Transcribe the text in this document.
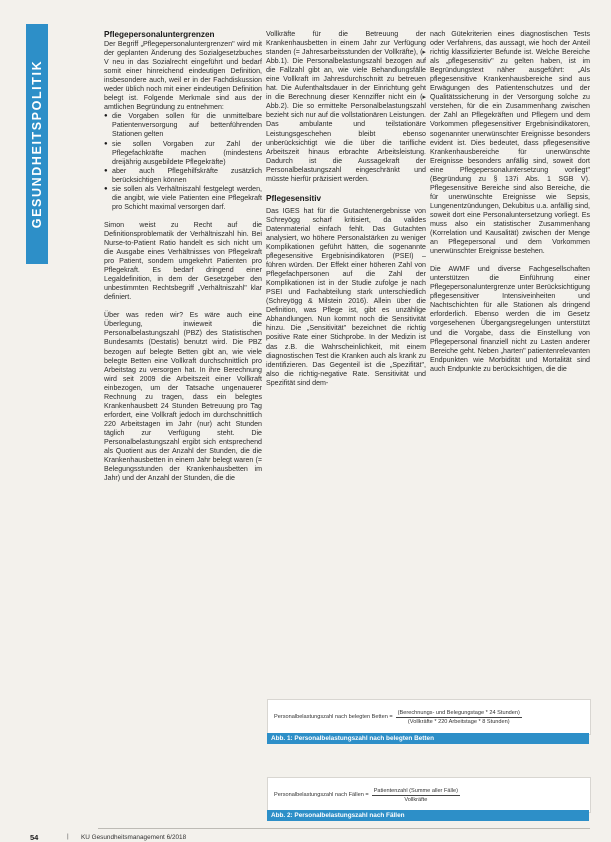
GESUNDHEITSPOLITIK
Pflegepersonaluntergrenzen

Der Begriff „Pflegepersonaluntergrenzen" wird mit der geplanten Änderung des Sozialgesetzbuches V neu in das Sozialrecht eingeführt und bedarf somit einer hinreichend eindeutigen Definition, insbesondere auch, weil er in der Fachdiskussion weder üblich noch mit einer eindeutigen Definition belegt ist. Folgende Merkmale sind aus der amtlichen Begründung zu entnehmen:

● die Vorgaben sollen für die unmittelbare Patientenversorgung auf bettenführenden Stationen gelten
● sie sollen Vorgaben zur Zahl der Pflegefachkräfte machen (mindestens dreijährig ausgebildete Pflegekräfte)
● aber auch Pflegehilfskräfte zusätzlich berücksichtigen können
● sie sollen als Verhältniszahl festgelegt werden, die angibt, wie viele Patienten eine Pflegekraft pro Schicht maximal versorgen darf.

Simon weist zu Recht auf die Definitionsproblematik der Verhältniszahl hin. Bei Nurse-to-Patient Ratio handelt es sich nicht um die Ausgabe eines Verhältnisses von Pflegekraft pro Patient, sondern umgekehrt Patienten pro Pflegekraft. Es bedarf dringend einer Legaldefinition, in dem der Gesetzgeber den unbestimmten Rechtsbegriff „Verhältniszahl" klar definiert.

Über was reden wir? Es wäre auch eine Überlegung, inwieweit die Personalbelastungszahl (PBZ) des Statistischen Bundesamts (Destatis) benutzt wird. Die PBZ bezogen auf belegte Betten gibt an, wie viele belegte Betten eine Vollkraft durchschnittlich pro Arbeitstag zu versorgen hat. In ihre Berechnung wird seit 2009 die Arbeitszeit einer Vollkraft einbezogen, um der Tatsache ungenauerer Rechnung zu tragen, dass ein belegtes Krankenhausbett 24 Stunden Betreuung pro Tag erfordert, eine Vollkraft jedoch im durchschnittlich 220 Arbeitstagen im Jahr (nur) acht Stunden täglich zur Verfügung steht. Die Personalbelastungszahl ergibt sich entsprechend als Quotient aus der Anzahl der Stunden, die die Krankenhausbetten in einem Jahr belegt waren (= Belegungsstunden der Krankenhausbetten im Jahr) und der Anzahl der Stunden, die die

Vollkräfte für die Betreuung der Krankenhausbetten in einem Jahr zur Verfügung standen (= Jahresarbeitsstunden der Vollkräfte), (▸ Abb.1). Die Personalbelastungszahl bezogen auf die Fallzahl gibt an, wie viele Behandlungsfälle eine Vollkraft im Jahresdurchschnitt zu betreuen hat. Die Aufenthaltsdauer in der Einrichtung geht in die Berechnung dieser Kennziffer nicht ein (▸ Abb.2). Die so ermittelte Personalbelastungszahl bezieht sich nur auf die vollstationären Leistungen. Das ambulante und teilstationäre Leistungsgeschehen bleibt ebenso unberücksichtigt wie die über die tarifliche Arbeitszeit hinaus erbrachte Arbeitsleistung. Dadurch ist die Aussagekraft der Personalbelastungszahl eingeschränkt und müsste hierfür präzisiert werden.

Pflegesensitiv

Das IGES hat für die Gutachtenergebnisse von Schreyögg scharf kritisiert, da valides Datenmaterial einfach fehlt. Das Gutachten analysiert, wo höhere Personalstärken zu weniger Komplikationen geführt hätten, die sogenannte pflegesensitive Ergebnisindikatoren (PSEI) – führen würden. Der Effekt einer höheren Zahl von Pflegefachpersonen auf die Zahl der Komplikationen ist in der Studie zufolge je nach PSEI und Fachabteilung stark unterschiedlich (Schreyögg & Milstein 2016). Allein über die Definition, was Pflege ist, gibt es unzählige Abhandlungen. Nun kommt noch die Sensitivität hinzu. Die „Sensitivität" bezeichnet die richtig positive Rate einer Stichprobe. In der Medizin ist das z.B. die Wahrscheinlichkeit, mit einem diagnostischen Test die Kranken auch als krank zu identifizieren. Das Gegenteil ist die „Spezifität", also die richtig-negative Rate. Sensitivität und Spezifität sind dem-

nach Gütekriterien eines diagnostischen Tests oder Verfahrens, das aussagt, wie hoch der Anteil richtig klassifizierter Befunde ist. Welche Bereiche als „pflegesensitiv" zu gelten haben, ist im Begründungstext näher ausgeführt: „Als pflegesensitive Krankenhausbereiche sind aus Erwägungen des Patientenschutzes und der Qualitätssicherung in der Versorgung solche zu verstehen, für die ein Zusammenhang zwischen der Zahl an Pflegekräften und Pflegern und dem Vorkommen pflegesensitiver Ergebnisindikatoren, sogenannter unerwünschter Ereignisse besonders evident ist. Dies bedeutet, dass pflegesensitive Krankenhausbereiche für unerwünschte Ereignisse besonders anfällig sind, soweit dort eine Pflegepersonaluntersetzung vorliegt" (Begründung zu § 137i Abs. 1 SGB V). Pflegesensitive Bereiche sind also Bereiche, die für unerwünschte Ereignisse wie Sepsis, Lungenentzündungen, Dekubitus u.a. anfällig sind, soweit dort eine Personaluntersetzung vorliegt. Es muss also ein statistischer Zusammenhang (Korrelation und Kausalität) zwischen der Menge an Pflegepersonal und dem Vorkommen unerwünschter Ereignisse bestehen.

Die AWMF und diverse Fachgesellschaften unterstützen die Einführung einer Pflegepersonaluntergrenze unter Berücksichtigung pflegesensitiver Intensiveinheiten und Nachtschichten für alle Stationen als dringend erforderlich. Ebenso werden die im Gesetz vorgesehenen Übergangsregelungen unterstützt und die Vorgabe, dass die Einstellung von Pflegepersonal finanziell nicht zu Lasten anderer Bereiche geht. Neben „harten" patientenrelevanten Endpunkten wie Morbidität und Mortalität sind auch Endpunkte zu berücksichtigen, die die

Personalbelastungszahl nach belegten Betten = $\frac{\text{(Berechnungs- und Belegungstage * 24 Stunden)}}{\text{(Vollkräfte * 220 Arbeitstage * 8 Stunden)}}$
Abb. 1: Personalbelastungszahl nach belegten Betten
Personalbelastungszahl nach Fällen = $\frac{\text{Patientenzahl (Summe aller Fälle)}}{\text{Vollkräfte}}$
Abb. 2: Personalbelastungszahl nach Fällen
54	| KU Gesundheitsmanagement 6/2018
